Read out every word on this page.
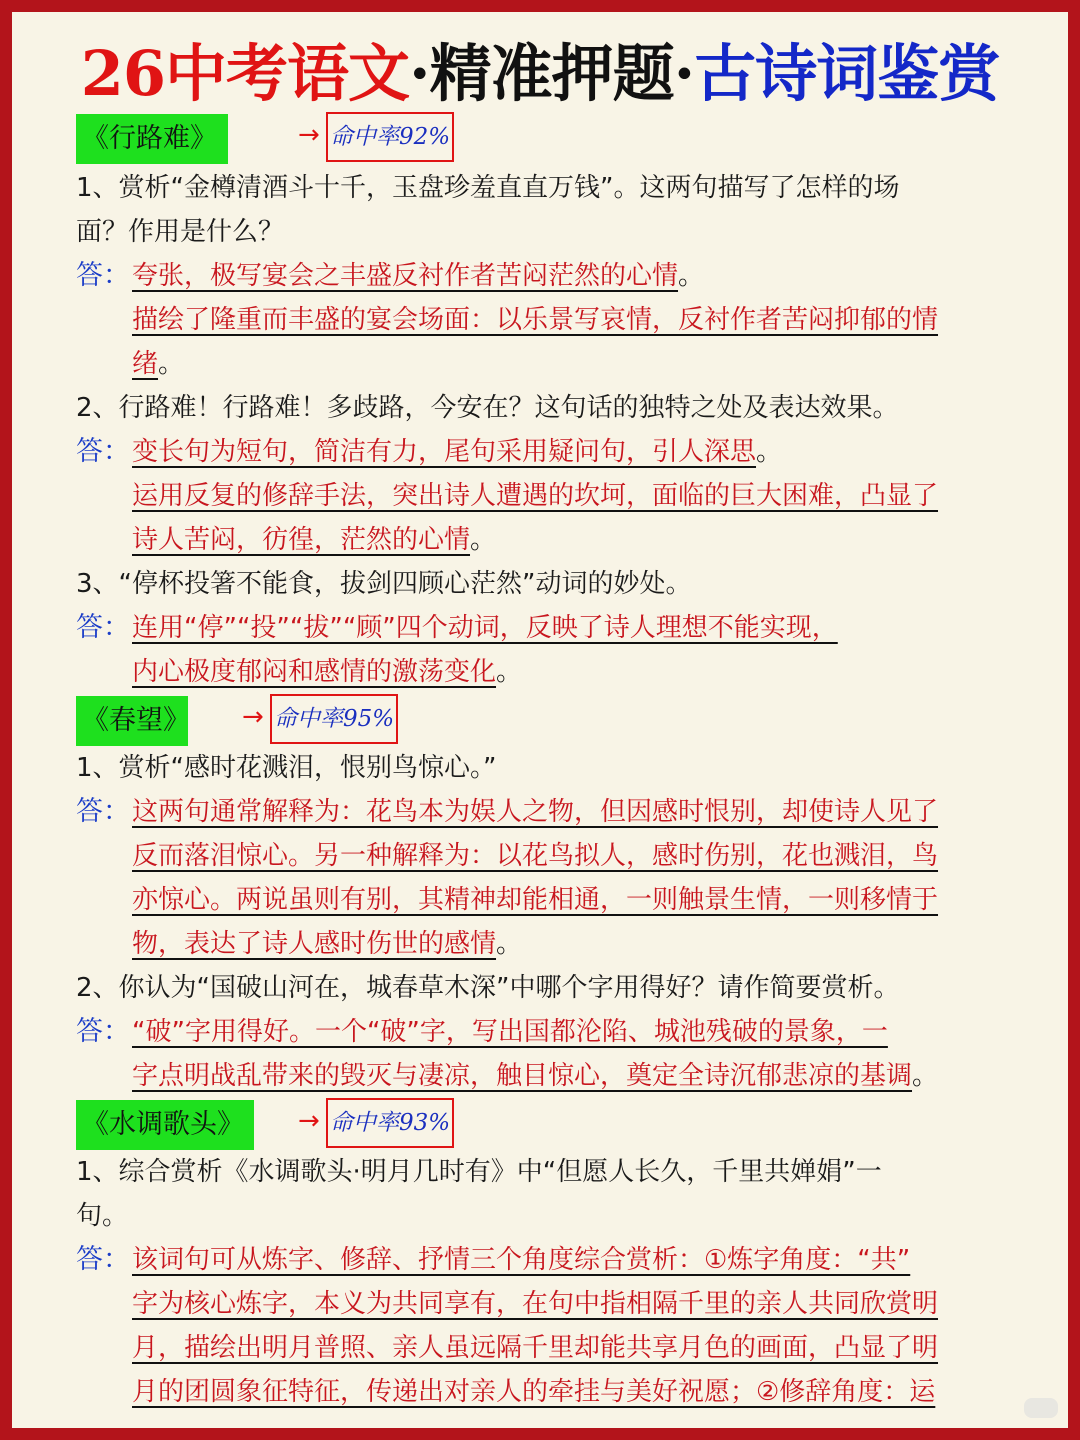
26中考语文·精准押题·古诗词鉴赏
《行路难》	→ 命中率92%
1、赏析“金樽清酒斗十千，玉盘珍羞直直万钱”。这两句描写了怎样的场
面？作用是什么？
答： 夸张，极写宴会之丰盛反衬作者苦闷茫然的心情。
描绘了隆重而丰盛的宴会场面：以乐景写哀情，反衬作者苦闷抑郁的情
绪。
2、行路难！行路难！多歧路，今安在？这句话的独特之处及表达效果。
答： 变长句为短句，简洁有力，尾句采用疑问句，引人深思。
运用反复的修辞手法，突出诗人遭遇的坎坷，面临的巨大困难，凸显了
诗人苦闷，彷徨，茫然的心情。
3、“停杯投箸不能食，拔剑四顾心茫然”动词的妙处。
答： 连用“停”“投”“拔”“顾”四个动词，反映了诗人理想不能实现，
内心极度郁闷和感情的激荡变化。
《春望》 → 命中率95%
1、赏析“感时花溅泪，恨别鸟惊心。”
答： 这两句通常解释为：花鸟本为娱人之物，但因感时恨别，却使诗人见了
反而落泪惊心。另一种解释为：以花鸟拟人，感时伤别，花也溅泪，鸟
亦惊心。两说虽则有别，其精神却能相通，一则触景生情，一则移情于
物，表达了诗人感时伤世的感情。
2、你认为“国破山河在，城春草木深”中哪个字用得好？请作简要赏析。
答： “破”字用得好。一个“破”字，写出国都沦陷、城池残破的景象，一
字点明战乱带来的毁灭与凄凉，触目惊心，奠定全诗沉郁悲凉的基调。
《水调歌头》	→ 命中率93%
1、综合赏析《水调歌头·明月几时有》中“但愿人长久，千里共婵娟”一
句。
答： 该词句可从炼字、修辞、抒情三个角度综合赏析：①炼字角度：“共”
字为核心炼字，本义为共同享有，在句中指相隔千里的亲人共同欣赏明
月，描绘出明月普照、亲人虽远隔千里却能共享月色的画面，凸显了明
月的团圆象征特征，传递出对亲人的牵挂与美好祝愿；②修辞角度：运
